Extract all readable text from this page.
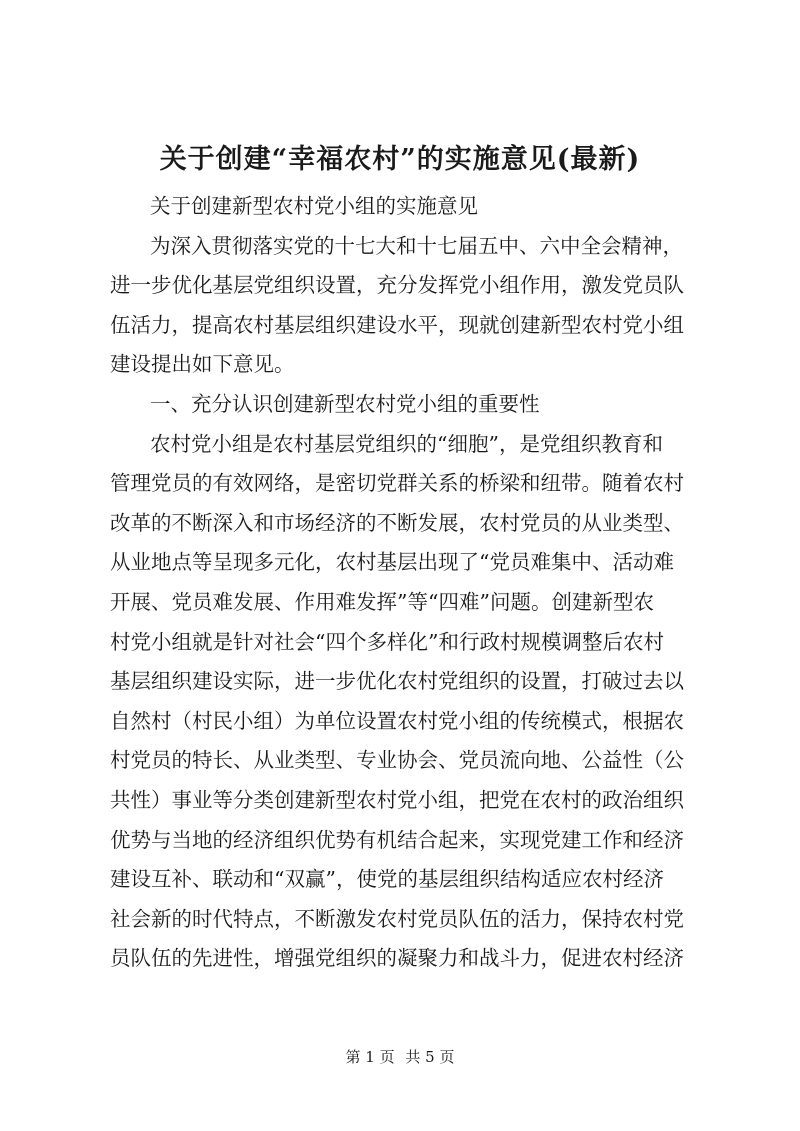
关于创建“幸福农村”的实施意见(最新)
关于创建新型农村党小组的实施意见
为深入贯彻落实党的十七大和十七届五中、六中全会精神，
进一步优化基层党组织设置，充分发挥党小组作用，激发党员队
伍活力，提高农村基层组织建设水平，现就创建新型农村党小组
建设提出如下意见。
一、充分认识创建新型农村党小组的重要性
农村党小组是农村基层党组织的“细胞”，是党组织教育和
管理党员的有效网络，是密切党群关系的桥梁和纽带。随着农村
改革的不断深入和市场经济的不断发展，农村党员的从业类型、
从业地点等呈现多元化，农村基层出现了“党员难集中、活动难
开展、党员难发展、作用难发挥”等“四难”问题。创建新型农
村党小组就是针对社会“四个多样化”和行政村规模调整后农村
基层组织建设实际，进一步优化农村党组织的设置，打破过去以
自然村（村民小组）为单位设置农村党小组的传统模式，根据农
村党员的特长、从业类型、专业协会、党员流向地、公益性（公
共性）事业等分类创建新型农村党小组，把党在农村的政治组织
优势与当地的经济组织优势有机结合起来，实现党建工作和经济
建设互补、联动和“双赢”，使党的基层组织结构适应农村经济
社会新的时代特点，不断激发农村党员队伍的活力，保持农村党
员队伍的先进性，增强党组织的凝聚力和战斗力，促进农村经济
第 1 页 共 5 页
